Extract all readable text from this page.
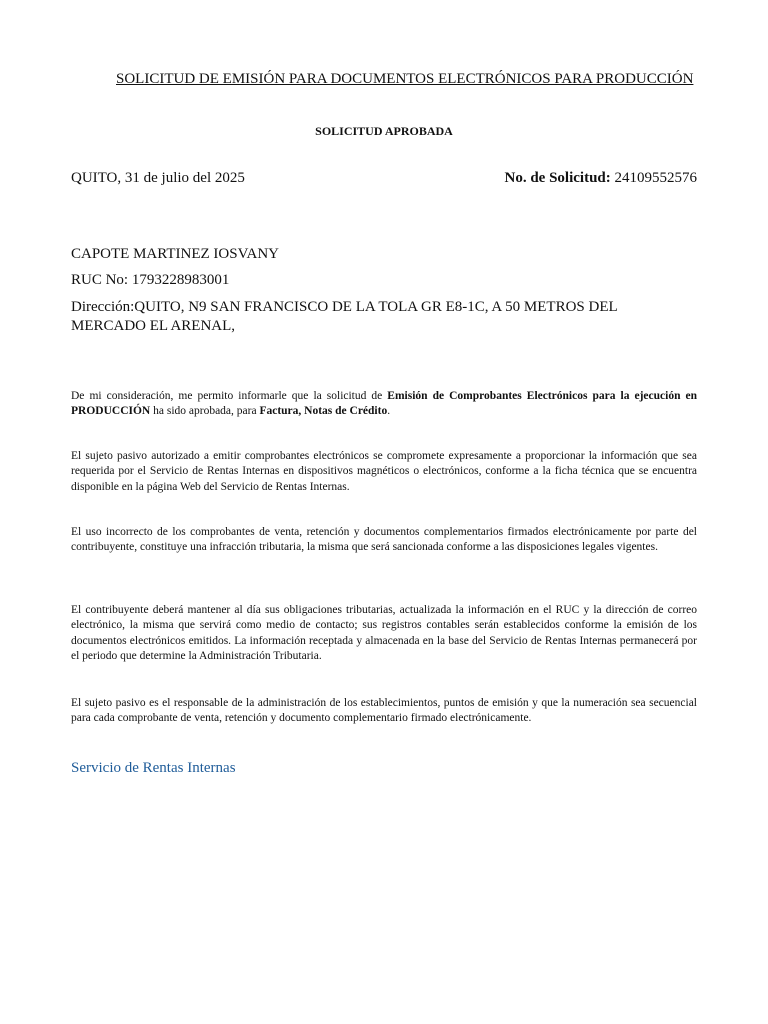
SOLICITUD DE EMISIÓN PARA DOCUMENTOS ELECTRÓNICOS PARA PRODUCCIÓN
SOLICITUD APROBADA
QUITO, 31 de julio del 2025	No. de Solicitud: 24109552576
CAPOTE MARTINEZ IOSVANY
RUC No: 1793228983001
Dirección:QUITO, N9 SAN FRANCISCO DE LA TOLA GR E8-1C, A 50 METROS DEL MERCADO EL ARENAL,
De mi consideración, me permito informarle que la solicitud de Emisión de Comprobantes Electrónicos para la ejecución en PRODUCCIÓN ha sido aprobada, para Factura, Notas de Crédito.
El sujeto pasivo autorizado a emitir comprobantes electrónicos se compromete expresamente a proporcionar la información que sea requerida por el Servicio de Rentas Internas en dispositivos magnéticos o electrónicos, conforme a la ficha técnica que se encuentra disponible en la página Web del Servicio de Rentas Internas.
El uso incorrecto de los comprobantes de venta, retención y documentos complementarios firmados electrónicamente por parte del contribuyente, constituye una infracción tributaria, la misma que será sancionada conforme a las disposiciones legales vigentes.
El contribuyente deberá mantener al día sus obligaciones tributarias, actualizada la información en el RUC y la dirección de correo electrónico, la misma que servirá como medio de contacto; sus registros contables serán establecidos conforme la emisión de los documentos electrónicos emitidos. La información receptada y almacenada en la base del Servicio de Rentas Internas permanecerá por el periodo que determine la Administración Tributaria.
El sujeto pasivo es el responsable de la administración de los establecimientos, puntos de emisión y que la numeración sea secuencial para cada comprobante de venta, retención y documento complementario firmado electrónicamente.
Servicio de Rentas Internas
